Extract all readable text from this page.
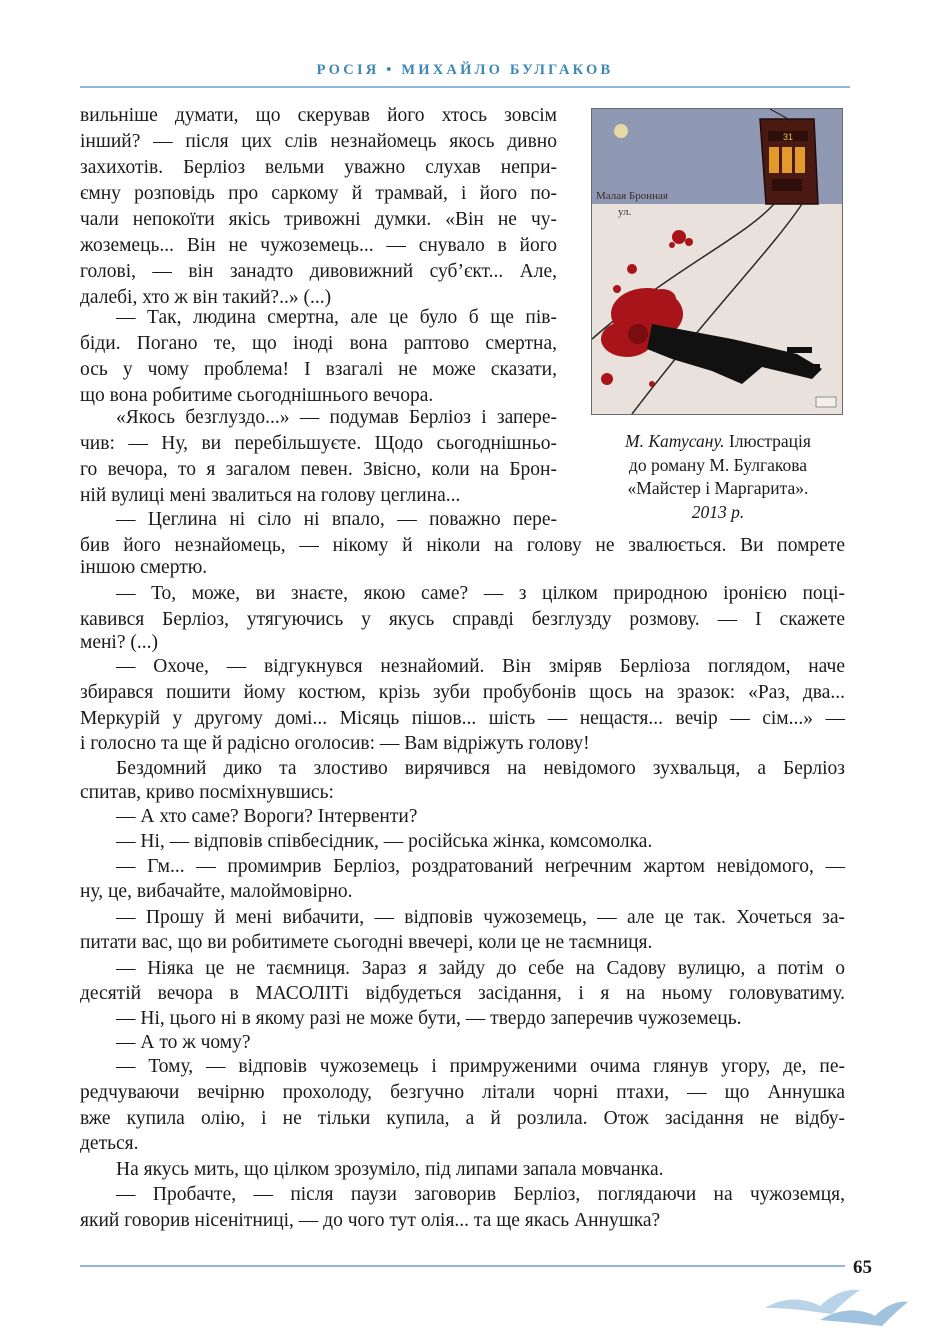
РОСІЯ • МИХАЙЛО БУЛГАКОВ
Малая Бронная
ул.
31
М. Катусану. Ілюстрація
до роману М. Булгакова
«Майстер і Маргарита».
2013 р.
вильніше думати, що скерував його хтось зовсім
інший? — після цих слів незнайомець якось дивно
захихотів. Берліоз вельми уважно слухав непри-
ємну розповідь про саркому й трамвай, і його по-
чали непокоїти якісь тривожні думки. «Він не чу-
жоземець... Він не чужоземець... — снувало в його
голові, — він занадто дивовижний суб’єкт... Але,
далебі, хто ж він такий?..» (...)
— Так, людина смертна, але це було б ще пів-
біди. Погано те, що іноді вона раптово смертна,
ось у чому проблема! І взагалі не може сказати,
що вона робитиме сьогоднішнього вечора.
«Якось безглуздо...» — подумав Берліоз і запере-
чив: — Ну, ви перебільшуєте. Щодо сьогоднішньо-
го вечора, то я загалом певен. Звісно, коли на Брон-
ній вулиці мені звалиться на голову цеглина...
— Цеглина ні сіло ні впало, — поважно пере-
бив його незнайомець, — нікому й ніколи на голову не звалюється. Ви помрете
іншою смертю.
— То, може, ви знаєте, якою саме? — з цілком природною іронією поці-
кавився Берліоз, утягуючись у якусь справді безглузду розмову. — І скажете
мені? (...)
— Охоче, — відгукнувся незнайомий. Він зміряв Берліоза поглядом, наче
збирався пошити йому костюм, крізь зуби пробубонів щось на зразок: «Раз, два...
Меркурій у другому домі... Місяць пішов... шість — нещастя... вечір — сім...» —
і голосно та ще й радісно оголосив: — Вам відріжуть голову!
Бездомний дико та злостиво вирячився на невідомого зухвальця, а Берліоз
спитав, криво посміхнувшись:
— А хто саме? Вороги? Інтервенти?
— Ні, — відповів співбесідник, — російська жінка, комсомолка.
— Гм... — промимрив Берліоз, роздратований неґречним жартом невідомого, —
ну, це, вибачайте, малоймовірно.
— Прошу й мені вибачити, — відповів чужоземець, — але це так. Хочеться за-
питати вас, що ви робитимете сьогодні ввечері, коли це не таємниця.
— Ніяка це не таємниця. Зараз я зайду до себе на Садову вулицю, а потім о
десятій вечора в МАСОЛІТі відбудеться засідання, і я на ньому головуватиму.
— Ні, цього ні в якому разі не може бути, — твердо заперечив чужоземець.
— А то ж чому?
— Тому, — відповів чужоземець і примруженими очима глянув угору, де, пе-
редчуваючи вечірню прохолоду, безгучно літали чорні птахи, — що Аннушка
вже купила олію, і не тільки купила, а й розлила. Отож засідання не відбу-
деться.
На якусь мить, що цілком зрозуміло, під липами запала мовчанка.
— Пробачте, — після паузи заговорив Берліоз, поглядаючи на чужоземця,
який говорив нісенітниці, — до чого тут олія... та ще якась Аннушка?
65
